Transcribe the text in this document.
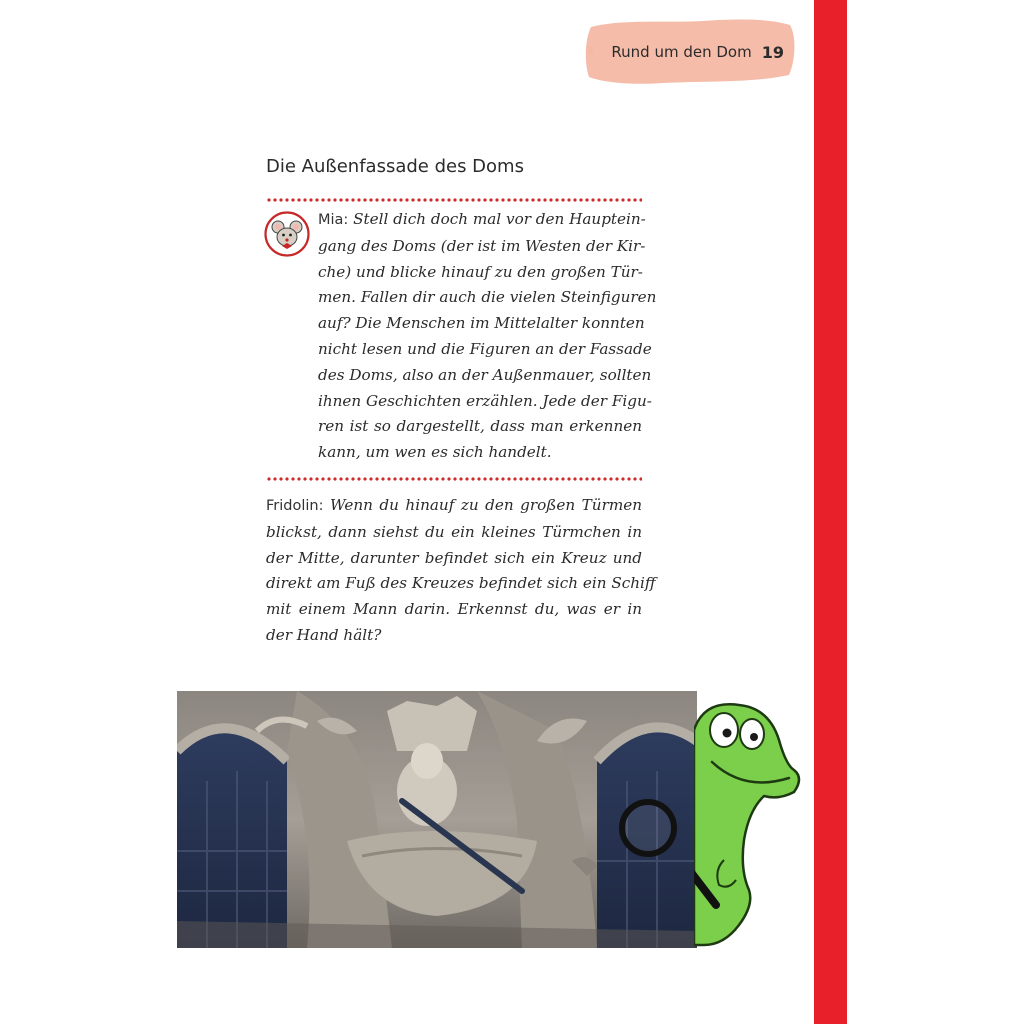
Rund um den Dom 19
Die Außenfassade des Doms
Mia: Stell dich doch mal vor den Hauptein-
gang des Doms (der ist im Westen der Kir-
che) und blicke hinauf zu den großen Tür-
men. Fallen dir auch die vielen Steinfiguren
auf? Die Menschen im Mittelalter konnten
nicht lesen und die Figuren an der Fassade
des Doms, also an der Außenmauer, sollten
ihnen Geschichten erzählen. Jede der Figu-
ren ist so dargestellt, dass man erkennen
kann, um wen es sich handelt.
Fridolin: Wenn du hinauf zu den großen Türmen
blickst, dann siehst du ein kleines Türmchen in
der Mitte, darunter befindet sich ein Kreuz und
direkt am Fuß des Kreuzes befindet sich ein Schiff
mit einem Mann darin. Erkennst du, was er in
der Hand hält?
